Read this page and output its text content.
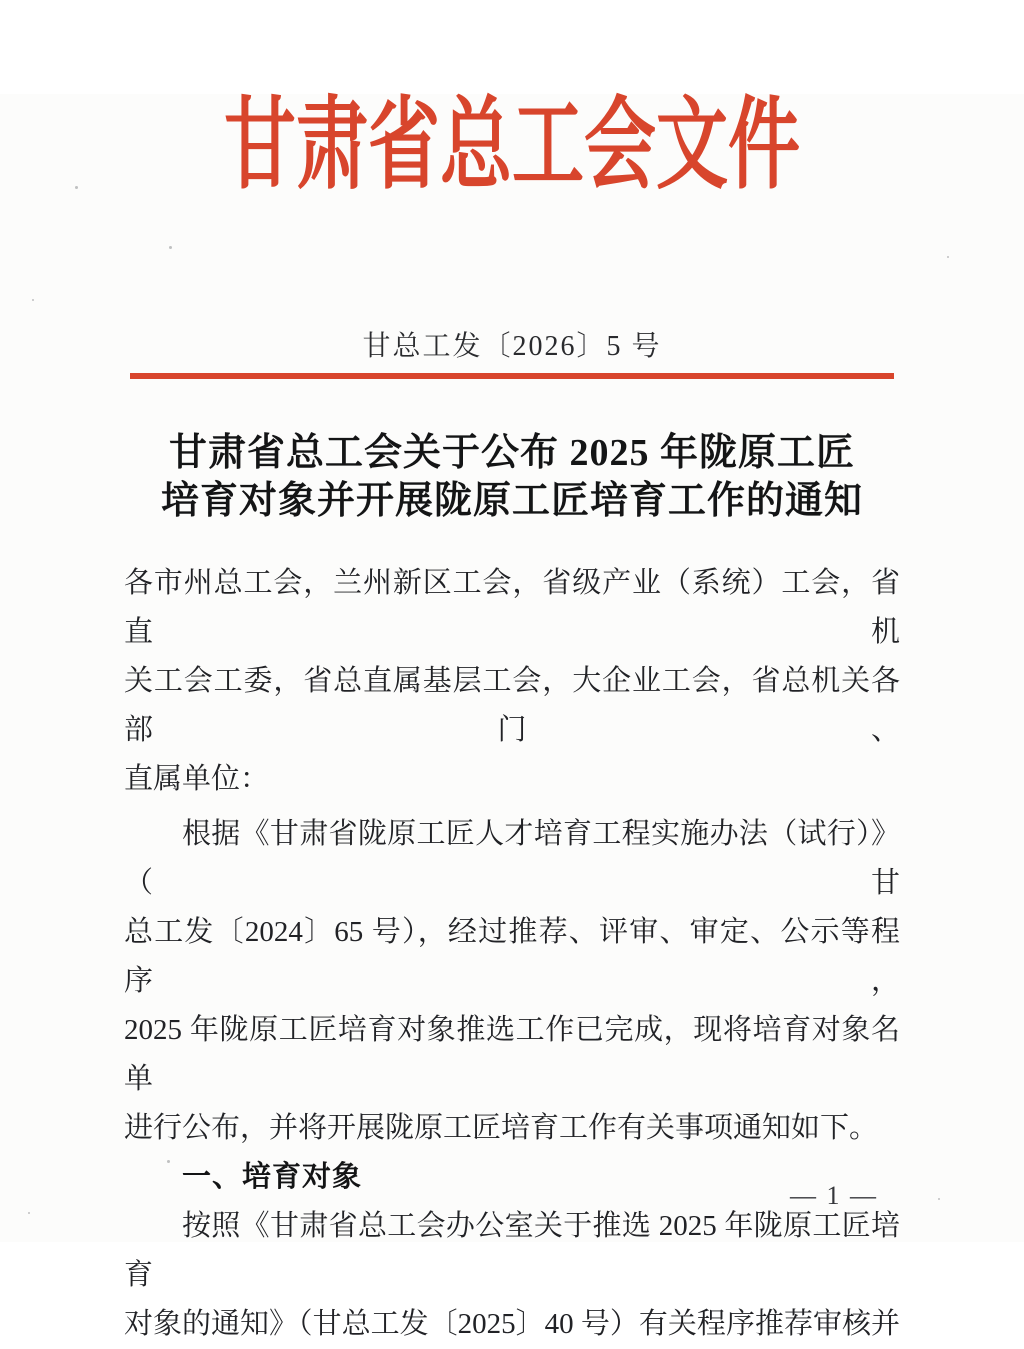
甘肃省总工会文件
甘总工发〔2026〕5 号
甘肃省总工会关于公布 2025 年陇原工匠
培育对象并开展陇原工匠培育工作的通知
各市州总工会，兰州新区工会，省级产业（系统）工会，省直机
关工会工委，省总直属基层工会，大企业工会，省总机关各部门、
直属单位：
根据《甘肃省陇原工匠人才培育工程实施办法（试行）》（甘
总工发〔2024〕65 号），经过推荐、评审、审定、公示等程序，
2025 年陇原工匠培育对象推选工作已完成，现将培育对象名单
进行公布，并将开展陇原工匠培育工作有关事项通知如下。
一、培育对象
按照《甘肃省总工会办公室关于推选 2025 年陇原工匠培育
对象的通知》（甘总工发〔2025〕40 号）有关程序推荐审核并
— 1 —
